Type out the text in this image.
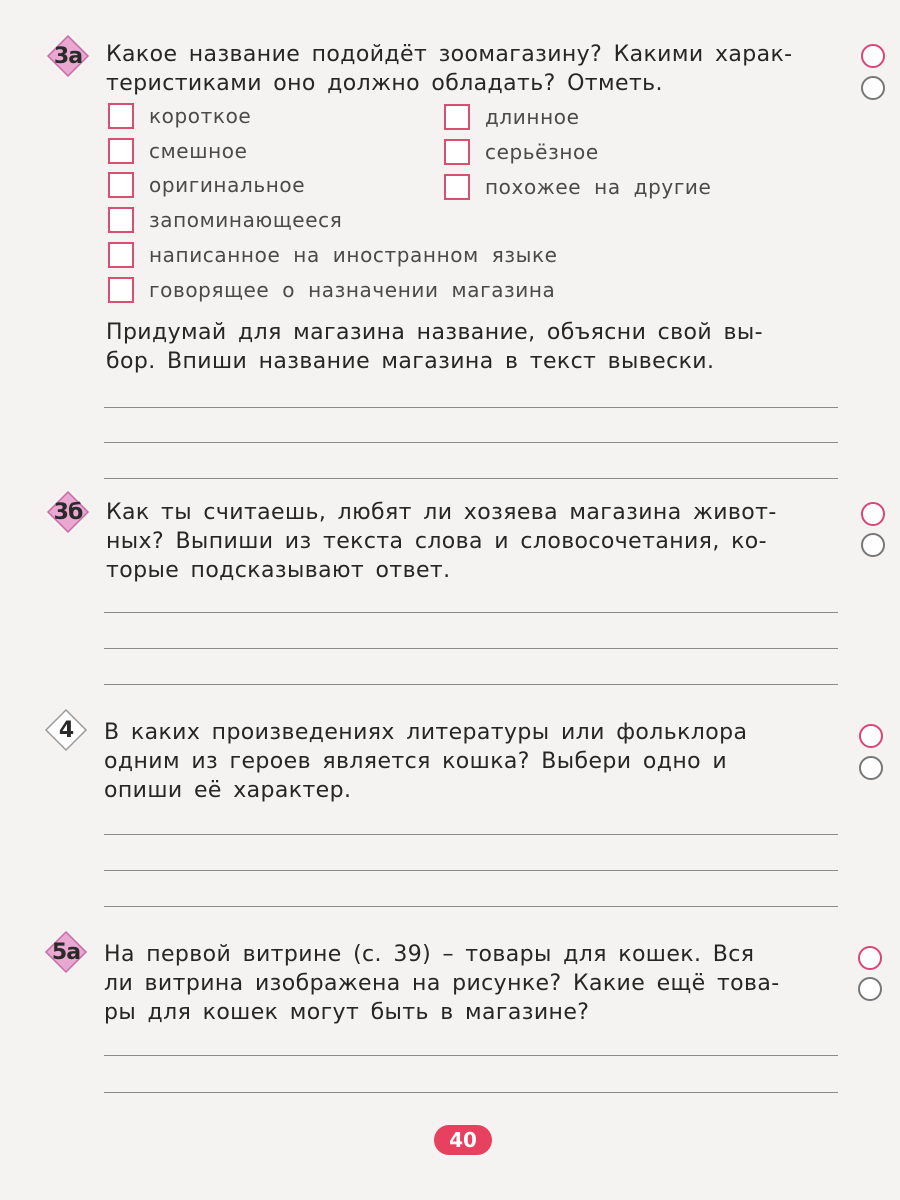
3a Какое название подойдёт зоомагазину? Какими харак-
теристиками оно должно обладать? Отметь.
короткое
смешное
оригинальное
запоминающееся
написанное на иностранном языке
говорящее о назначении магазина
длинное
серьёзное
похожее на другие
Придумай для магазина название, объясни свой вы-
бор. Впиши название магазина в текст вывески.
3б Как ты считаешь, любят ли хозяева магазина живот-
ных? Выпиши из текста слова и словосочетания, ко-
торые подсказывают ответ.
4 В каких произведениях литературы или фольклора
одним из героев является кошка? Выбери одно и
опиши её характер.
5а На первой витрине (с. 39) – товары для кошек. Вся
ли витрина изображена на рисунке? Какие ещё това-
ры для кошек могут быть в магазине?
40
